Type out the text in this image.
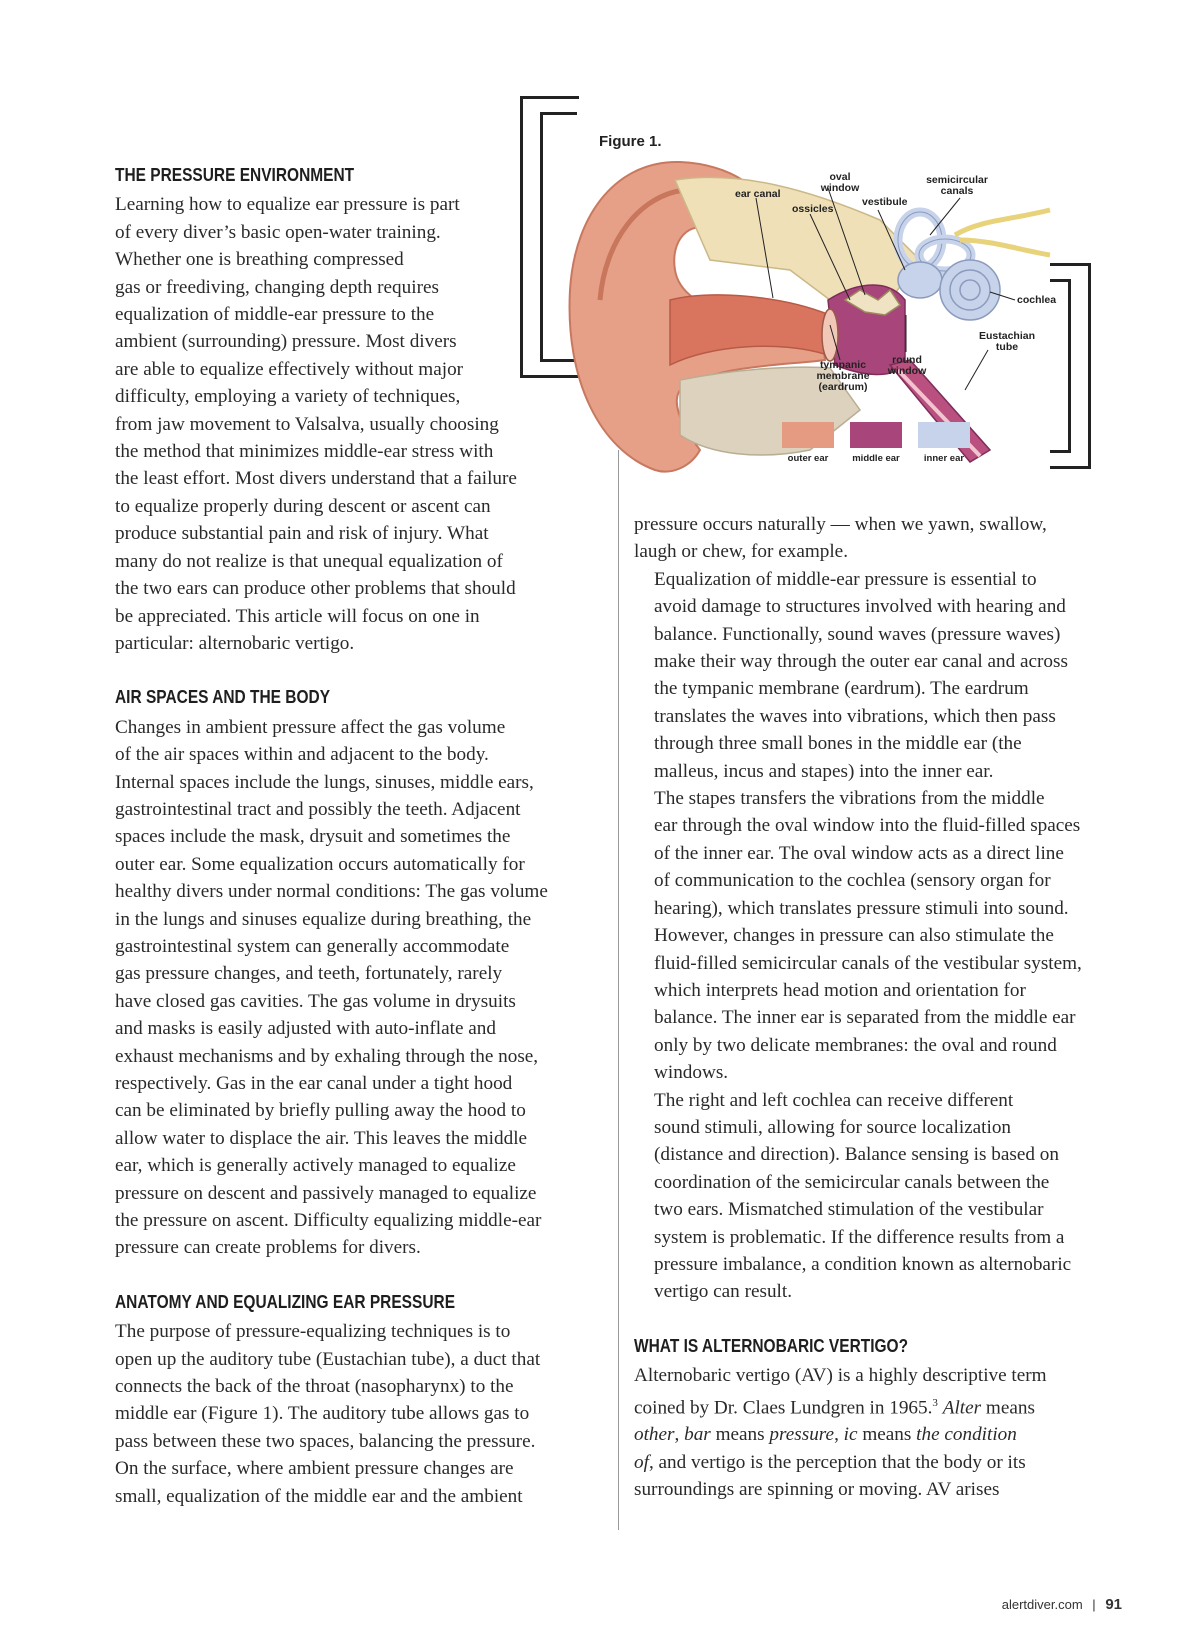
Figure 1.
ear canal
oval
window
ossicles
vestibule
semicircular
canals
cochlea
Eustachian
tube
round
window
tympanic
membrane
(eardrum)
outer ear	middle ear	inner ear
THE PRESSURE ENVIRONMENT

Learning how to equalize ear pressure is part
of every diver’s basic open-water training.
Whether one is breathing compressed
gas or freediving, changing depth requires
equalization of middle-ear pressure to the
ambient (surrounding) pressure. Most divers
are able to equalize effectively without major
difficulty, employing a variety of techniques,
from jaw movement to Valsalva, usually choosing
the method that minimizes middle-ear stress with
the least effort. Most divers understand that a failure
to equalize properly during descent or ascent can
produce substantial pain and risk of injury. What
many do not realize is that unequal equalization of
the two ears can produce other problems that should
be appreciated. This article will focus on one in
particular: alternobaric vertigo.

AIR SPACES AND THE BODY

Changes in ambient pressure affect the gas volume
of the air spaces within and adjacent to the body.
Internal spaces include the lungs, sinuses, middle ears,
gastrointestinal tract and possibly the teeth. Adjacent
spaces include the mask, drysuit and sometimes the
outer ear. Some equalization occurs automatically for
healthy divers under normal conditions: The gas volume
in the lungs and sinuses equalize during breathing, the
gastrointestinal system can generally accommodate
gas pressure changes, and teeth, fortunately, rarely
have closed gas cavities. The gas volume in drysuits
and masks is easily adjusted with auto-inflate and
exhaust mechanisms and by exhaling through the nose,
respectively. Gas in the ear canal under a tight hood
can be eliminated by briefly pulling away the hood to
allow water to displace the air. This leaves the middle
ear, which is generally actively managed to equalize
pressure on descent and passively managed to equalize
the pressure on ascent. Difficulty equalizing middle-ear
pressure can create problems for divers.

ANATOMY AND EQUALIZING EAR PRESSURE

The purpose of pressure-equalizing techniques is to
open up the auditory tube (Eustachian tube), a duct that
connects the back of the throat (nasopharynx) to the
middle ear (Figure 1). The auditory tube allows gas to
pass between these two spaces, balancing the pressure.
On the surface, where ambient pressure changes are
small, equalization of the middle ear and the ambient

pressure occurs naturally — when we yawn, swallow,
laugh or chew, for example.

Equalization of middle-ear pressure is essential to
avoid damage to structures involved with hearing and
balance. Functionally, sound waves (pressure waves)
make their way through the outer ear canal and across
the tympanic membrane (eardrum). The eardrum
translates the waves into vibrations, which then pass
through three small bones in the middle ear (the
malleus, incus and stapes) into the inner ear.

The stapes transfers the vibrations from the middle
ear through the oval window into the fluid-filled spaces
of the inner ear. The oval window acts as a direct line
of communication to the cochlea (sensory organ for
hearing), which translates pressure stimuli into sound.
However, changes in pressure can also stimulate the
fluid-filled semicircular canals of the vestibular system,
which interprets head motion and orientation for
balance. The inner ear is separated from the middle ear
only by two delicate membranes: the oval and round
windows.

The right and left cochlea can receive different
sound stimuli, allowing for source localization
(distance and direction). Balance sensing is based on
coordination of the semicircular canals between the
two ears. Mismatched stimulation of the vestibular
system is problematic. If the difference results from a
pressure imbalance, a condition known as alternobaric
vertigo can result.

WHAT IS ALTERNOBARIC VERTIGO?

Alternobaric vertigo (AV) is a highly descriptive term
coined by Dr. Claes Lundgren in 1965.$^3$ Alter means
other, bar means pressure, ic means the condition
of, and vertigo is the perception that the body or its
surroundings are spinning or moving. AV arises

alertdiver.com | 91
